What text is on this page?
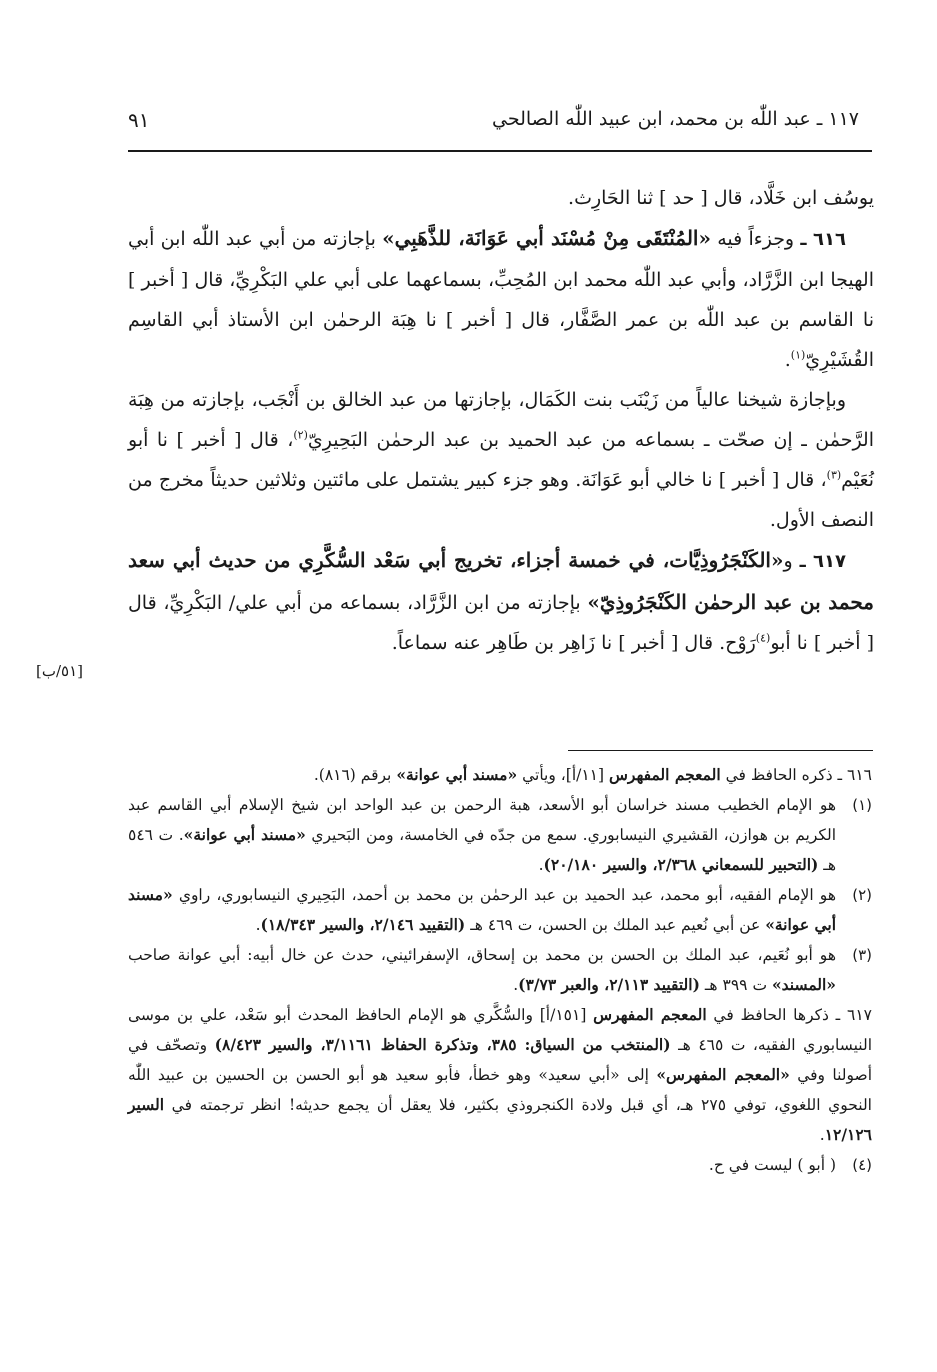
١١٧ ـ عبد اللّٰه بن محمد، ابن عبيد اللّٰه الصالحي
٩١

يوسُف ابن خَلَّاد، قال [ حد ] ثنا الحَارِث.

٦١٦ ـ وجزءاً فيه «المُنْتَقَى مِنْ مُسْنَد أبي عَوَانَة، للذَّهَبِي» بإجازته من أبي عبد اللّٰه ابن أبي الهيجا ابن الزَّرَّاد، وأبي عبد اللّٰه محمد ابن المُحِبِّ، بسماعهما على أبي علي البَكْرِيِّ، قال [ أخبر ] نا القاسم بن عبد اللّٰه بن عمر الصَّفَّار، قال [ أخبر ] نا هِبَة الرحمٰن ابن الأستاذ أبي القاسِم القُشَيْرِيّ$^{(١)}$.

وبإجازة شيخنا عالياً من زَيْنَب بنت الكَمَال، بإجازتها من عبد الخالق بن أَنْجَب، بإجازته من هِبَة الرَّحمٰن ـ إن صحّت ـ بسماعه من عبد الحميد بن عبد الرحمٰن البَحِيرِيّ$^{(٢)}$، قال [ أخبر ] نا أبو نُعَيْم$^{(٣)}$، قال [ أخبر ] نا خالي أبو عَوَانَة. وهو جزء كبير يشتمل على مائتين وثلاثين حديثاً مخرج من النصف الأول.

٦١٧ ـ و«الكَنْجَرُوذِيَّات، في خمسة أجزاء، تخريج أبي سَعْد السُّكَّرِي من حديث أبي سعد محمد بن عبد الرحمٰن الكَنْجَرُوذِيّ» بإجازته من ابن الزَّرَّاد، بسماعه من أبي علي/ البَكْرِيِّ، قال [ أخبر ] نا أبو$^{(٤)}$رَوْح. قال [ أخبر ] نا زَاهِر بن طَاهِر عنه سماعاً.

[٥١/ب]

٦١٦ ـ ذكره الحافظ في المعجم المفهرس [١١/أ]، ويأتي «مسند أبي عوانة» برقم (٨١٦).

(١)
هو الإمام الخطيب مسند خراسان أبو الأسعد، هبة الرحمن بن عبد الواحد ابن شيخ الإسلام أبي القاسم عبد الكريم بن هوازن، القشيري النيسابوري. سمع من جدّه في الخامسة، ومن البَحيري «مسند أبي عوانة». ت ٥٤٦ هـ (التحبير للسمعاني ٢/٣٦٨، والسير ٢٠/١٨٠).

(٢)
هو الإمام الفقيه، أبو محمد، عبد الحميد بن عبد الرحمٰن بن محمد بن أحمد، البَحِيري النيسابوري، راوي «مسند أبي عوانة» عن أبي نُعيم عبد الملك بن الحسن، ت ٤٦٩ هـ (التقييد ٢/١٤٦، والسير ١٨/٣٤٣).

(٣)
هو أبو نُعَيم، عبد الملك بن الحسن بن محمد بن إسحاق، الإسفرائيني، حدث عن خال أبيه: أبي عوانة صاحب «المسند» ت ٣٩٩ هـ (التقييد ٢/١١٣، والعبر ٣/٧٣).

٦١٧ ـ ذكرها الحافظ في المعجم المفهرس [١٥١/أ] والسُّكَّري هو الإمام الحافظ المحدث أبو سَعْد، علي بن موسى النيسابوري الفقيه، ت ٤٦٥ هـ (المنتخب من السياق: ٣٨٥، وتذكرة الحفاظ ٣/١١٦١، والسير ٨/٤٢٣) وتصحّف في أصولنا وفي «المعجم المفهرس» إلى «أبي سعيد» وهو خطأ، فأبو سعيد هو أبو الحسن بن الحسين بن عبيد اللّٰه النحوي اللغوي، توفي ٢٧٥ هـ، أي قبل ولادة الكنجروذي بكثير، فلا يعقل أن يجمع حديثه! انظر ترجمته في السير ١٢/١٢٦.

(٤)
( أبو ) ليست في ح.
